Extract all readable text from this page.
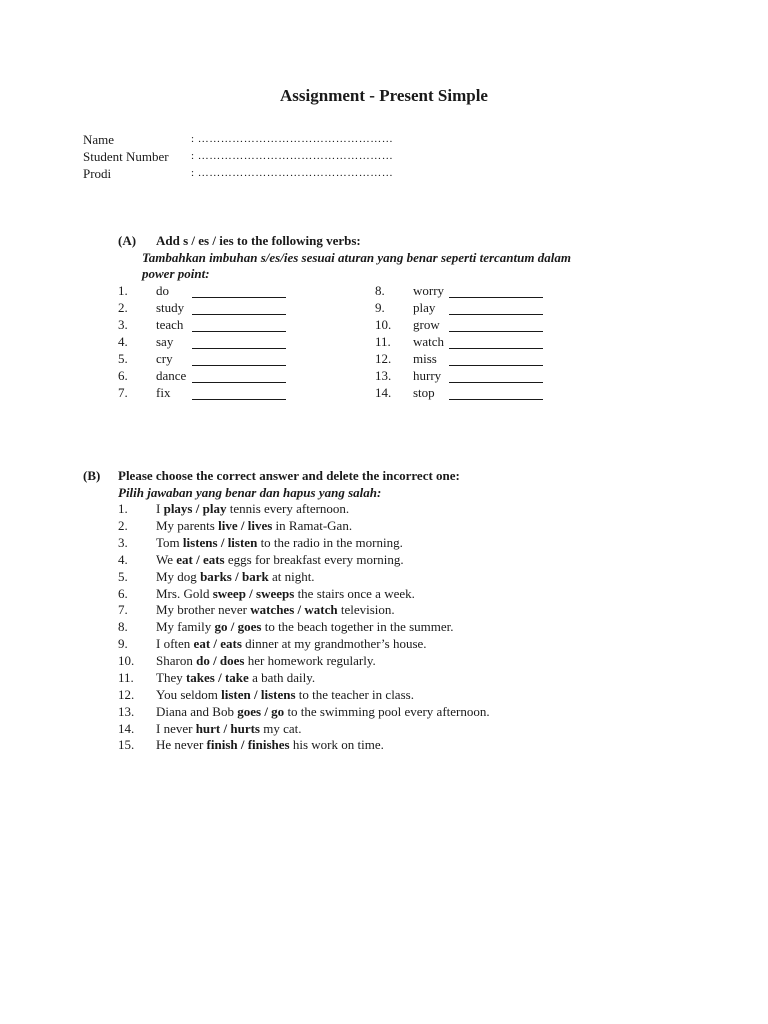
Assignment - Present Simple
Name	: ……………………………………………
Student Number : ……………………………………………
Prodi	: ……………………………………………
(A) Add s / es / ies to the following verbs:
Tambahkan imbuhan s/es/ies sesuai aturan yang benar seperti tercantum dalam
power point:
1. do
2. study
3. teach
4. say
5. cry
6. dance
7. fix
8. worry
9. play
10. grow
11. watch
12. miss
13. hurry
14. stop
(B) Please choose the correct answer and delete the incorrect one:
Pilih jawaban yang benar dan hapus yang salah:
1. I plays / play tennis every afternoon.
2. My parents live / lives in Ramat-Gan.
3. Tom listens / listen to the radio in the morning.
4. We eat / eats eggs for breakfast every morning.
5. My dog barks / bark at night.
6. Mrs. Gold sweep / sweeps the stairs once a week.
7. My brother never watches / watch television.
8. My family go / goes to the beach together in the summer.
9. I often eat / eats dinner at my grandmother’s house.
10. Sharon do / does her homework regularly.
11. They takes / take a bath daily.
12. You seldom listen / listens to the teacher in class.
13. Diana and Bob goes / go to the swimming pool every afternoon.
14. I never hurt / hurts my cat.
15. He never finish / finishes his work on time.
